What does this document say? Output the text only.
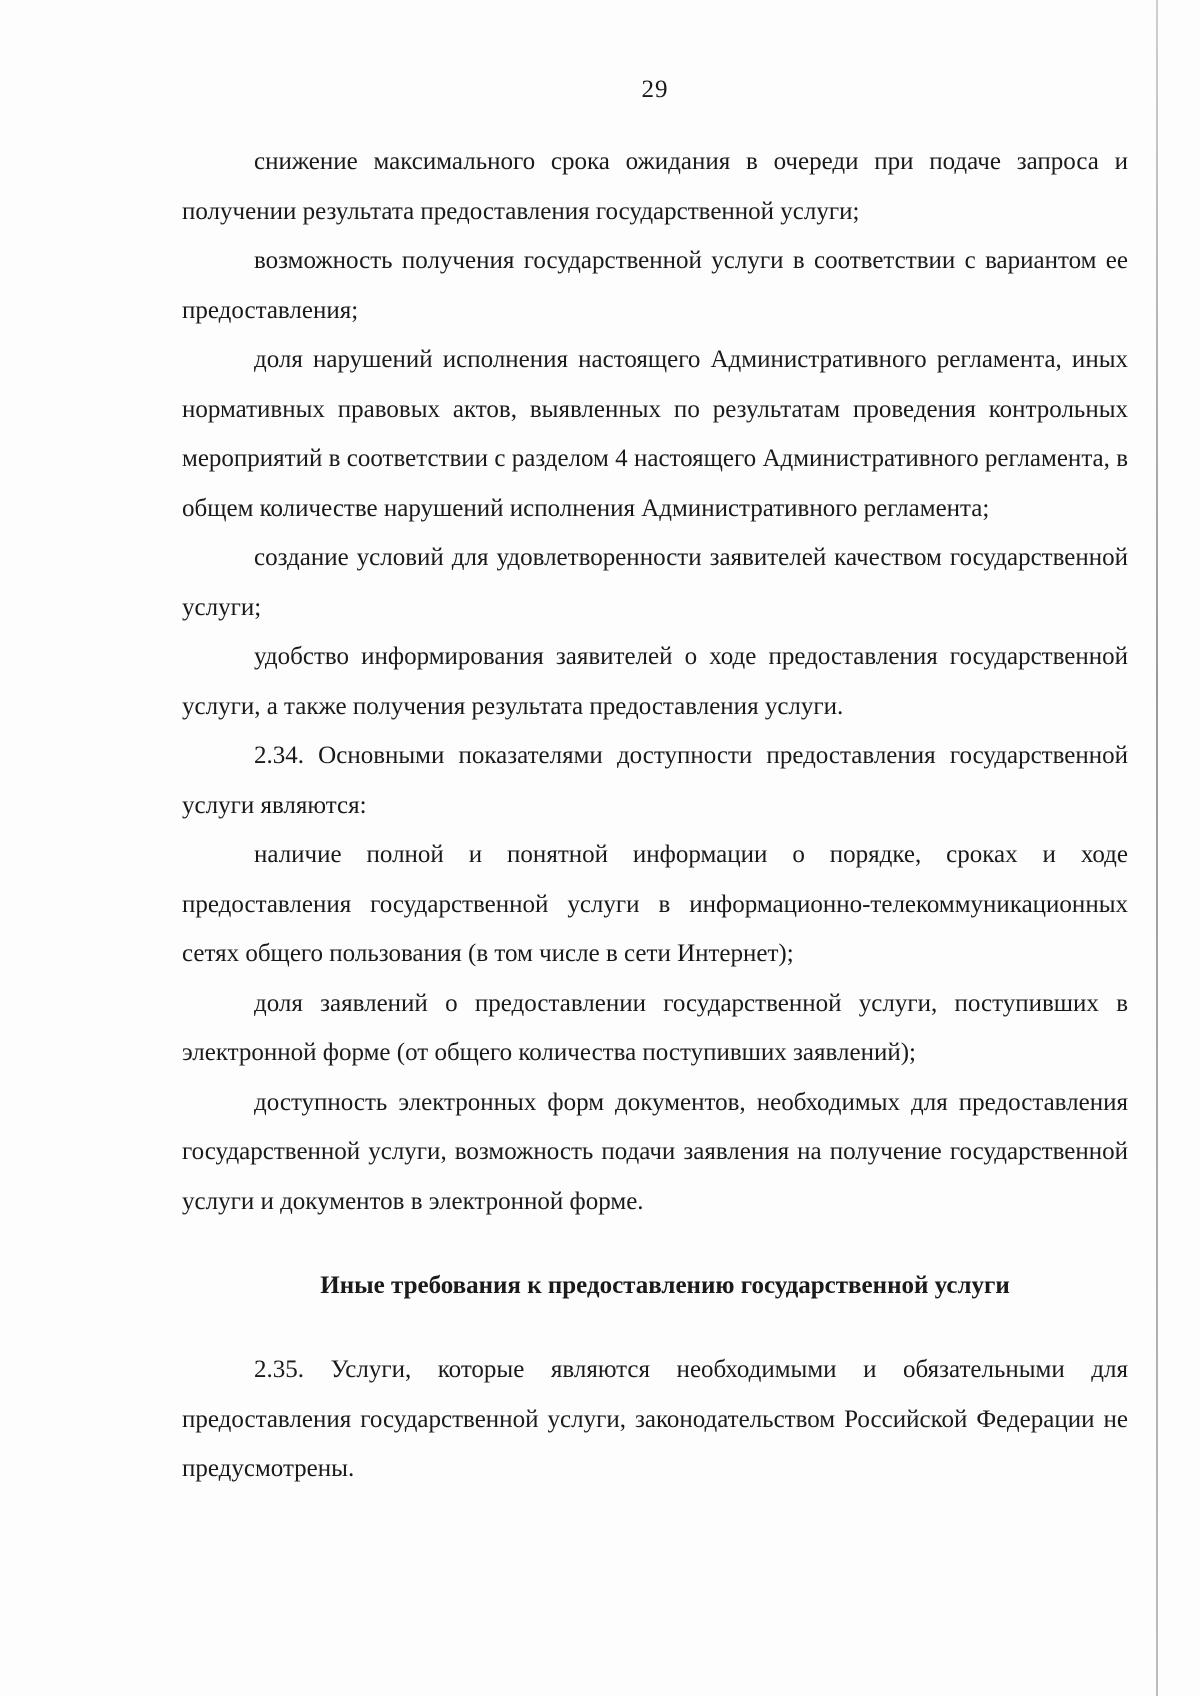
29

снижение максимального срока ожидания в очереди при подаче запроса и получении результата предоставления государственной услуги;

возможность получения государственной услуги в соответствии с вариантом ее предоставления;

доля нарушений исполнения настоящего Административного регламента, иных нормативных правовых актов, выявленных по результатам проведения контрольных мероприятий в соответствии с разделом 4 настоящего Административного регламента, в общем количестве нарушений исполнения Административного регламента;

создание условий для удовлетворенности заявителей качеством государственной услуги;

удобство информирования заявителей о ходе предоставления государственной услуги, а также получения результата предоставления услуги.

2.34. Основными показателями доступности предоставления государственной услуги являются:

наличие полной и понятной информации о порядке, сроках и ходе предоставления государственной услуги в информационно-телекоммуникационных сетях общего пользования (в том числе в сети Интернет);

доля заявлений о предоставлении государственной услуги, поступивших в электронной форме (от общего количества поступивших заявлений);

доступность электронных форм документов, необходимых для предоставления государственной услуги, возможность подачи заявления на получение государственной услуги и документов в электронной форме.

Иные требования к предоставлению государственной услуги

2.35. Услуги, которые являются необходимыми и обязательными для предоставления государственной услуги, законодательством Российской Федерации не предусмотрены.
